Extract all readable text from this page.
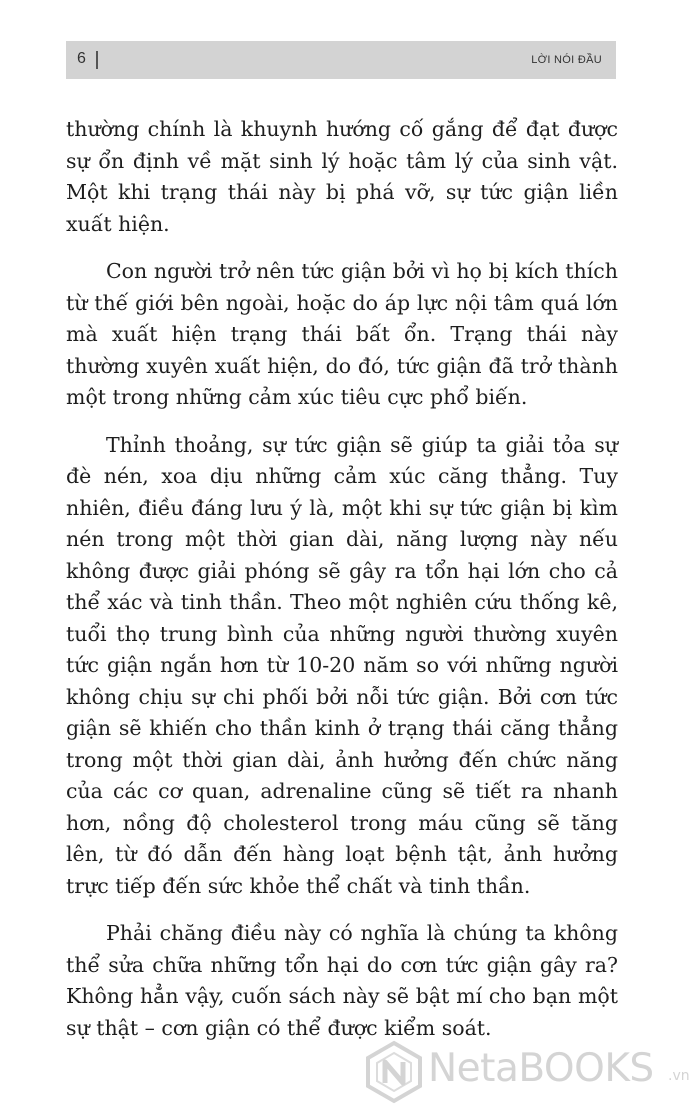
6	LỜI NÓI ĐẦU

thường chính là khuynh hướng cố gắng để đạt được sự ổn định về mặt sinh lý hoặc tâm lý của sinh vật. Một khi trạng thái này bị phá vỡ, sự tức giận liền xuất hiện.

Con người trở nên tức giận bởi vì họ bị kích thích từ thế giới bên ngoài, hoặc do áp lực nội tâm quá lớn mà xuất hiện trạng thái bất ổn. Trạng thái này thường xuyên xuất hiện, do đó, tức giận đã trở thành một trong những cảm xúc tiêu cực phổ biến.

Thỉnh thoảng, sự tức giận sẽ giúp ta giải tỏa sự đè nén, xoa dịu những cảm xúc căng thẳng. Tuy nhiên, điều đáng lưu ý là, một khi sự tức giận bị kìm nén trong một thời gian dài, năng lượng này nếu không được giải phóng sẽ gây ra tổn hại lớn cho cả thể xác và tinh thần. Theo một nghiên cứu thống kê, tuổi thọ trung bình của những người thường xuyên tức giận ngắn hơn từ 10-20 năm so với những người không chịu sự chi phối bởi nỗi tức giận. Bởi cơn tức giận sẽ khiến cho thần kinh ở trạng thái căng thẳng trong một thời gian dài, ảnh hưởng đến chức năng của các cơ quan, adrenaline cũng sẽ tiết ra nhanh hơn, nồng độ cholesterol trong máu cũng sẽ tăng lên, từ đó dẫn đến hàng loạt bệnh tật, ảnh hưởng trực tiếp đến sức khỏe thể chất và tinh thần.

Phải chăng điều này có nghĩa là chúng ta không thể sửa chữa những tổn hại do cơn tức giận gây ra? Không hẳn vậy, cuốn sách này sẽ bật mí cho bạn một sự thật – cơn giận có thể được kiểm soát.

NetaBOOKS .vn
